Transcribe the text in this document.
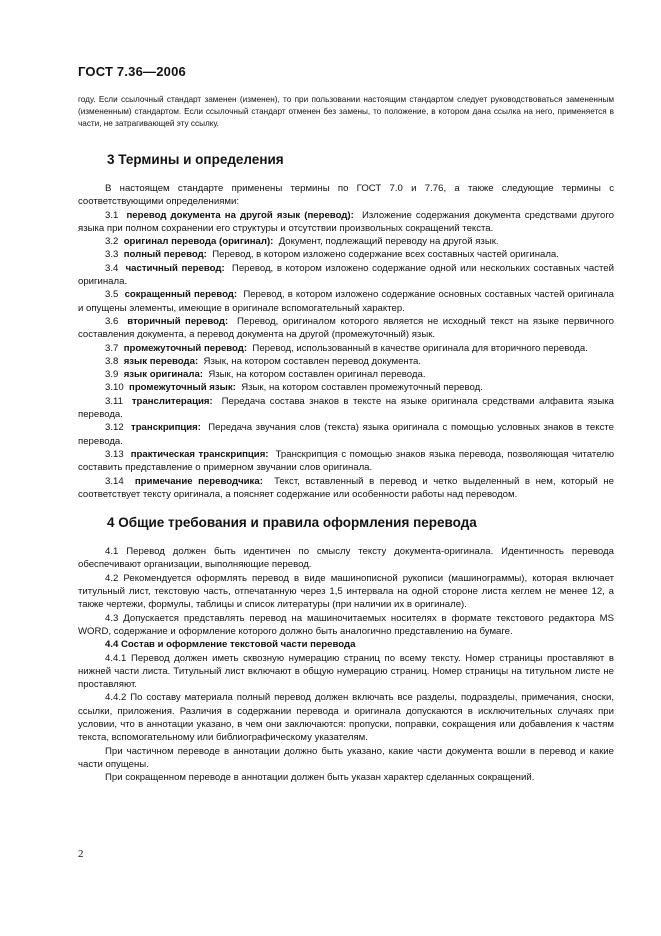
ГОСТ 7.36—2006

году. Если ссылочный стандарт заменен (изменен), то при пользовании настоящим стандартом следует руководствоваться замененным (измененным) стандартом. Если ссылочный стандарт отменен без замены, то положение, в котором дана ссылка на него, применяется в части, не затрагивающей эту ссылку.

3 Термины и определения

В настоящем стандарте применены термины по ГОСТ 7.0 и 7.76, а также следующие термины с соответствующими определениями:

3.1 перевод документа на другой язык (перевод): Изложение содержания документа средствами другого языка при полном сохранении его структуры и отсутствии произвольных сокращений текста.

3.2 оригинал перевода (оригинал): Документ, подлежащий переводу на другой язык.

3.3 полный перевод: Перевод, в котором изложено содержание всех составных частей оригинала.

3.4 частичный перевод: Перевод, в котором изложено содержание одной или нескольких составных частей оригинала.

3.5 сокращенный перевод: Перевод, в котором изложено содержание основных составных частей оригинала и опущены элементы, имеющие в оригинале вспомогательный характер.

3.6 вторичный перевод: Перевод, оригиналом которого является не исходный текст на языке первичного составления документа, а перевод документа на другой (промежуточный) язык.

3.7 промежуточный перевод: Перевод, использованный в качестве оригинала для вторичного перевода.

3.8 язык перевода: Язык, на котором составлен перевод документа.

3.9 язык оригинала: Язык, на котором составлен оригинал перевода.

3.10 промежуточный язык: Язык, на котором составлен промежуточный перевод.

3.11 транслитерация: Передача состава знаков в тексте на языке оригинала средствами алфавита языка перевода.

3.12 транскрипция: Передача звучания слов (текста) языка оригинала с помощью условных знаков в тексте перевода.

3.13 практическая транскрипция: Транскрипция с помощью знаков языка перевода, позволяющая читателю составить представление о примерном звучании слов оригинала.

3.14 примечание переводчика: Текст, вставленный в перевод и четко выделенный в нем, который не соответствует тексту оригинала, а поясняет содержание или особенности работы над переводом.

4 Общие требования и правила оформления перевода

4.1 Перевод должен быть идентичен по смыслу тексту документа-оригинала. Идентичность перевода обеспечивают организации, выполняющие перевод.

4.2 Рекомендуется оформлять перевод в виде машинописной рукописи (машинограммы), которая включает титульный лист, текстовую часть, отпечатанную через 1,5 интервала на одной стороне листа кеглем не менее 12, а также чертежи, формулы, таблицы и список литературы (при наличии их в оригинале).

4.3 Допускается представлять перевод на машиночитаемых носителях в формате текстового редактора MS WORD, содержание и оформление которого должно быть аналогично представлению на бумаге.

4.4 Состав и оформление текстовой части перевода

4.4.1 Перевод должен иметь сквозную нумерацию страниц по всему тексту. Номер страницы проставляют в нижней части листа. Титульный лист включают в общую нумерацию страниц. Номер страницы на титульном листе не проставляют.

4.4.2 По составу материала полный перевод должен включать все разделы, подразделы, примечания, сноски, ссылки, приложения. Различия в содержании перевода и оригинала допускаются в исключительных случаях при условии, что в аннотации указано, в чем они заключаются: пропуски, поправки, сокращения или добавления к частям текста, вспомогательному или библиографическому указателям.

При частичном переводе в аннотации должно быть указано, какие части документа вошли в перевод и какие части опущены.

При сокращенном переводе в аннотации должен быть указан характер сделанных сокращений.

2
